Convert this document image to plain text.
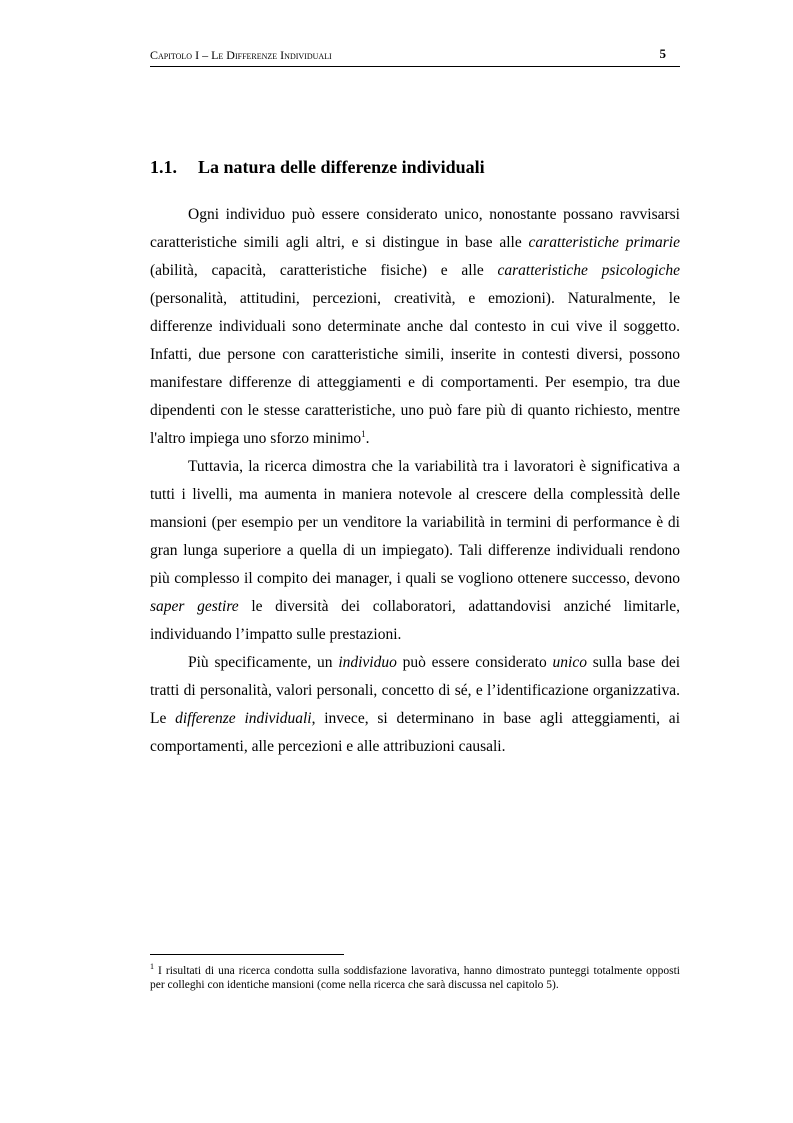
Capitolo I – Le Differenze Individuali	5
1.1. La natura delle differenze individuali

Ogni individuo può essere considerato unico, nonostante possano ravvisarsi caratteristiche simili agli altri, e si distingue in base alle caratteristiche primarie (abilità, capacità, caratteristiche fisiche) e alle caratteristiche psicologiche (personalità, attitudini, percezioni, creatività, e emozioni). Naturalmente, le differenze individuali sono determinate anche dal contesto in cui vive il soggetto. Infatti, due persone con caratteristiche simili, inserite in contesti diversi, possono manifestare differenze di atteggiamenti e di comportamenti. Per esempio, tra due dipendenti con le stesse caratteristiche, uno può fare più di quanto richiesto, mentre l'altro impiega uno sforzo minimo$^1$.

Tuttavia, la ricerca dimostra che la variabilità tra i lavoratori è significativa a tutti i livelli, ma aumenta in maniera notevole al crescere della complessità delle mansioni (per esempio per un venditore la variabilità in termini di performance è di gran lunga superiore a quella di un impiegato). Tali differenze individuali rendono più complesso il compito dei manager, i quali se vogliono ottenere successo, devono saper gestire le diversità dei collaboratori, adattandovisi anziché limitarle, individuando l’impatto sulle prestazioni.

Più specificamente, un individuo può essere considerato unico sulla base dei tratti di personalità, valori personali, concetto di sé, e l’identificazione organizzativa. Le differenze individuali, invece, si determinano in base agli atteggiamenti, ai comportamenti, alle percezioni e alle attribuzioni causali.

$^1$ I risultati di una ricerca condotta sulla soddisfazione lavorativa, hanno dimostrato punteggi totalmente opposti per colleghi con identiche mansioni (come nella ricerca che sarà discussa nel capitolo 5).
